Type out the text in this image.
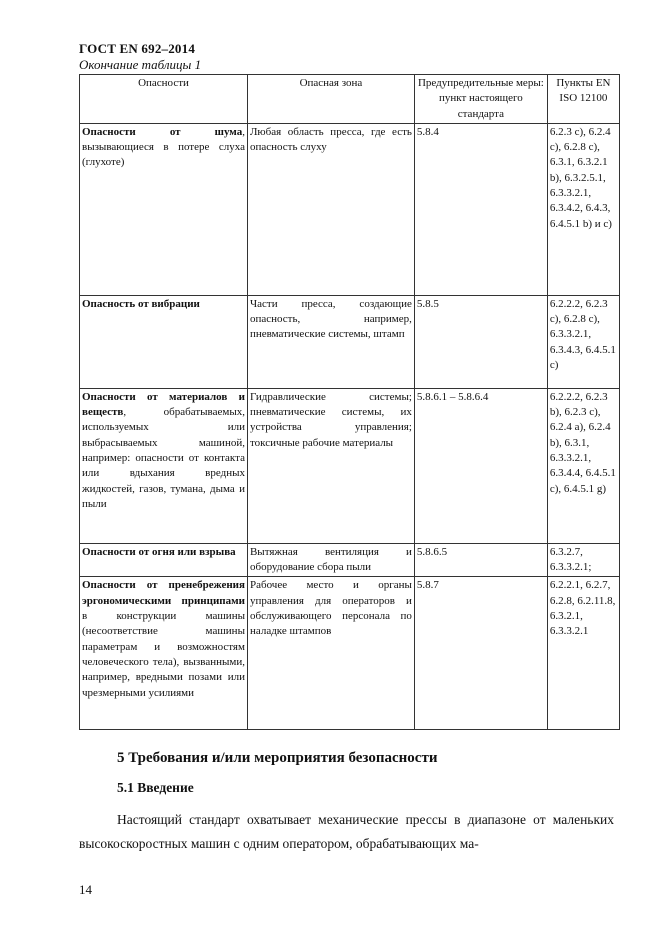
ГОСТ EN 692–2014
Окончание таблицы 1
Опасности	Опасная зона	Предупредительные меры: пункт настоящего стандарта	Пункты EN ISO 12100
Опасности от шума, вызывающиеся в потере слуха (глухоте)	Любая область пресса, где есть опасность слуху	5.8.4	6.2.3 с), 6.2.4 с), 6.2.8 с), 6.3.1, 6.3.2.1 b), 6.3.2.5.1, 6.3.3.2.1, 6.3.4.2, 6.4.3, 6.4.5.1 b) и с)
Опасность от вибрации	Части пресса, создающие опасность, например, пневматические системы, штамп	5.8.5	6.2.2.2, 6.2.3 с), 6.2.8 с), 6.3.3.2.1, 6.3.4.3, 6.4.5.1 с)
Опасности от материалов и веществ, обрабатываемых, используемых или выбрасываемых машиной, например: опасности от контакта или вдыхания вредных жидкостей, газов, тумана, дыма и пыли	Гидравлические системы; пневматические системы, их устройства управления; токсичные рабочие материалы	5.8.6.1 – 5.8.6.4	6.2.2.2, 6.2.3 b), 6.2.3 с), 6.2.4 а), 6.2.4 b), 6.3.1, 6.3.3.2.1, 6.3.4.4, 6.4.5.1 с), 6.4.5.1 g)
Опасности от огня или взрыва	Вытяжная вентиляция и оборудование сбора пыли	5.8.6.5	6.3.2.7, 6.3.3.2.1;
Опасности от пренебрежения эргономическими принципами в конструкции машины (несоответствие машины параметрам и возможностям человеческого тела), вызванными, например, вредными позами или чрезмерными усилиями	Рабочее место и органы управления для операторов и обслуживающего персонала по наладке штампов	5.8.7	6.2.2.1, 6.2.7, 6.2.8, 6.2.11.8, 6.3.2.1, 6.3.3.2.1
5 Требования и/или мероприятия безопасности
5.1 Введение
Настоящий стандарт охватывает механические прессы в диапазоне от маленьких высокоскоростных машин с одним оператором, обрабатывающих ма-
14
